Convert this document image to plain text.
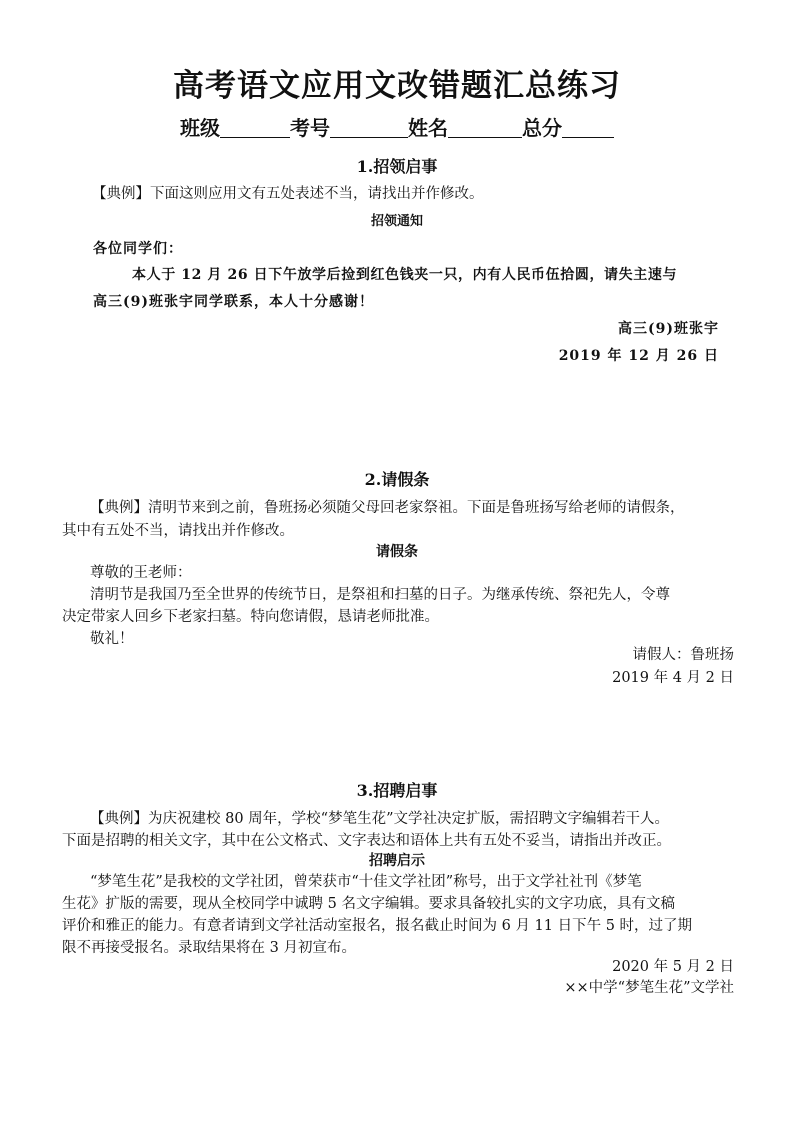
高考语文应用文改错题汇总练习
班级	考号	姓名	总分
1.招领启事
【典例】下面这则应用文有五处表述不当，请找出并作修改。
招领通知
各位同学们：
本人于 12 月 26 日下午放学后捡到红色钱夹一只，内有人民币伍拾圆，请失主速与
高三(9)班张宇同学联系，本人十分感谢！
高三(9)班张宇
2019 年 12 月 26 日
2.请假条
【典例】清明节来到之前，鲁班扬必须随父母回老家祭祖。下面是鲁班扬写给老师的请假条，
其中有五处不当，请找出并作修改。
请假条
尊敬的王老师：
清明节是我国乃至全世界的传统节日，是祭祖和扫墓的日子。为继承传统、祭祀先人，令尊
决定带家人回乡下老家扫墓。特向您请假，恳请老师批准。
敬礼！
请假人：鲁班扬
2019 年 4 月 2 日
3.招聘启事
【典例】为庆祝建校 80 周年，学校“梦笔生花”文学社决定扩版，需招聘文字编辑若干人。
下面是招聘的相关文字，其中在公文格式、文字表达和语体上共有五处不妥当，请指出并改正。
招聘启示
“梦笔生花”是我校的文学社团，曾荣获市“十佳文学社团”称号，出于文学社社刊《梦笔
生花》扩版的需要，现从全校同学中诚聘 5 名文字编辑。要求具备较扎实的文字功底，具有文稿
评价和雅正的能力。有意者请到文学社活动室报名，报名截止时间为 6 月 11 日下午 5 时，过了期
限不再接受报名。录取结果将在 3 月初宣布。
2020 年 5 月 2 日
××中学“梦笔生花”文学社
